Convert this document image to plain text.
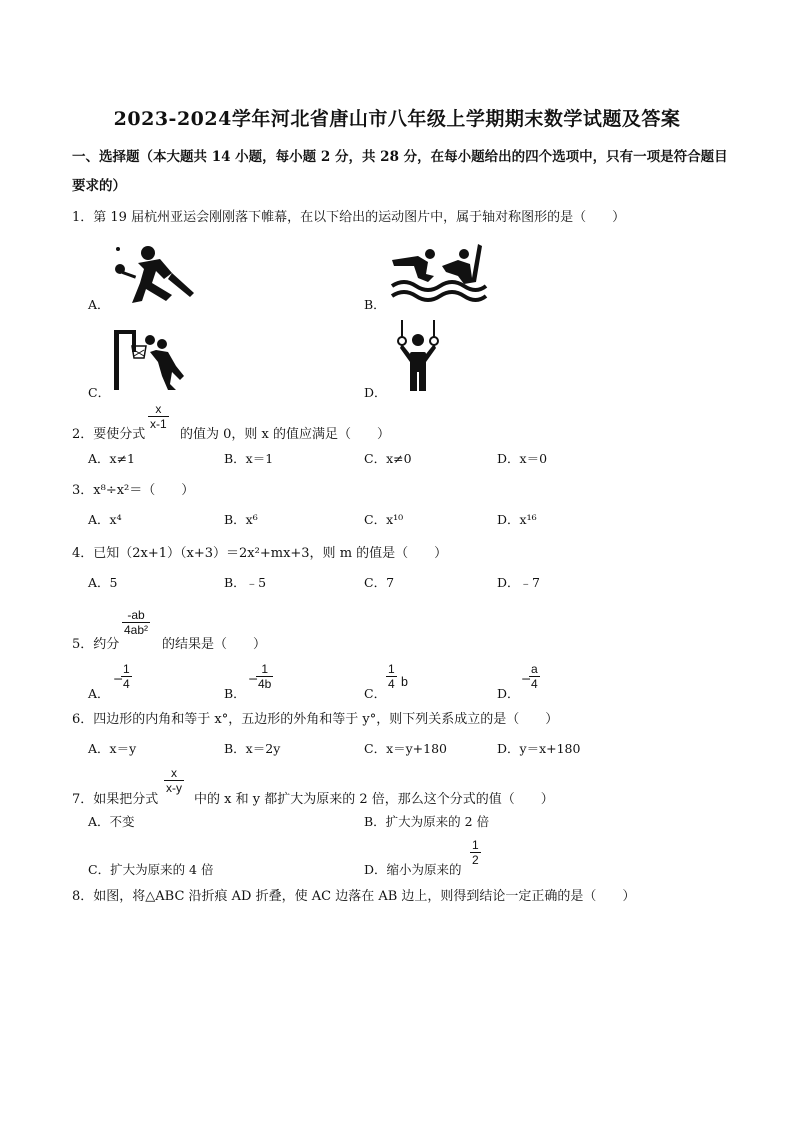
2023-2024学年河北省唐山市八年级上学期期末数学试题及答案
一、选择题（本大题共 14 小题，每小题 2 分，共 28 分，在每小题给出的四个选项中，只有一项是符合题目要求的）
1．第 19 届杭州亚运会刚刚落下帷幕，在以下给出的运动图片中，属于轴对称图形的是（　　）
A．	B．
C．	D．
2．要使分式
$\frac{x}{x-1}$
的值为 0，则 x 的值应满足（　　）
A．x≠1	B．x＝1	C．x≠0	D．x＝0
3．x⁸÷x²＝（　　）
A．x⁴	B．x⁶	C．x¹⁰	D．x¹⁶
4．已知（2x+1）（x+3）＝2x²+mx+3，则 m 的值是（　　）
A．5	B．﹣5	C．7	D．﹣7
5．约分
$\frac{-ab}{\text{4ab²}}$
的结果是（　　）
A．
−
$\frac{1}{4}$
B．
−
$\frac{1}{4b}$
C．
$\frac{1}{4}$ b
D．
−
$\frac{a}{4}$
6．四边形的内角和等于 x°，五边形的外角和等于 y°，则下列关系成立的是（　　）
A．x＝y	B．x＝2y	C．x＝y+180	D．y＝x+180
7．如果把分式
$\frac{x}{x-y}$
中的 x 和 y 都扩大为原来的 2 倍，那么这个分式的值（　　）
A．不变	B．扩大为原来的 2 倍
C．扩大为原来的 4 倍	D．缩小为原来的
$\frac{1}{2}$
8．如图，将△ABC 沿折痕 AD 折叠，使 AC 边落在 AB 边上，则得到结论一定正确的是（　　）
